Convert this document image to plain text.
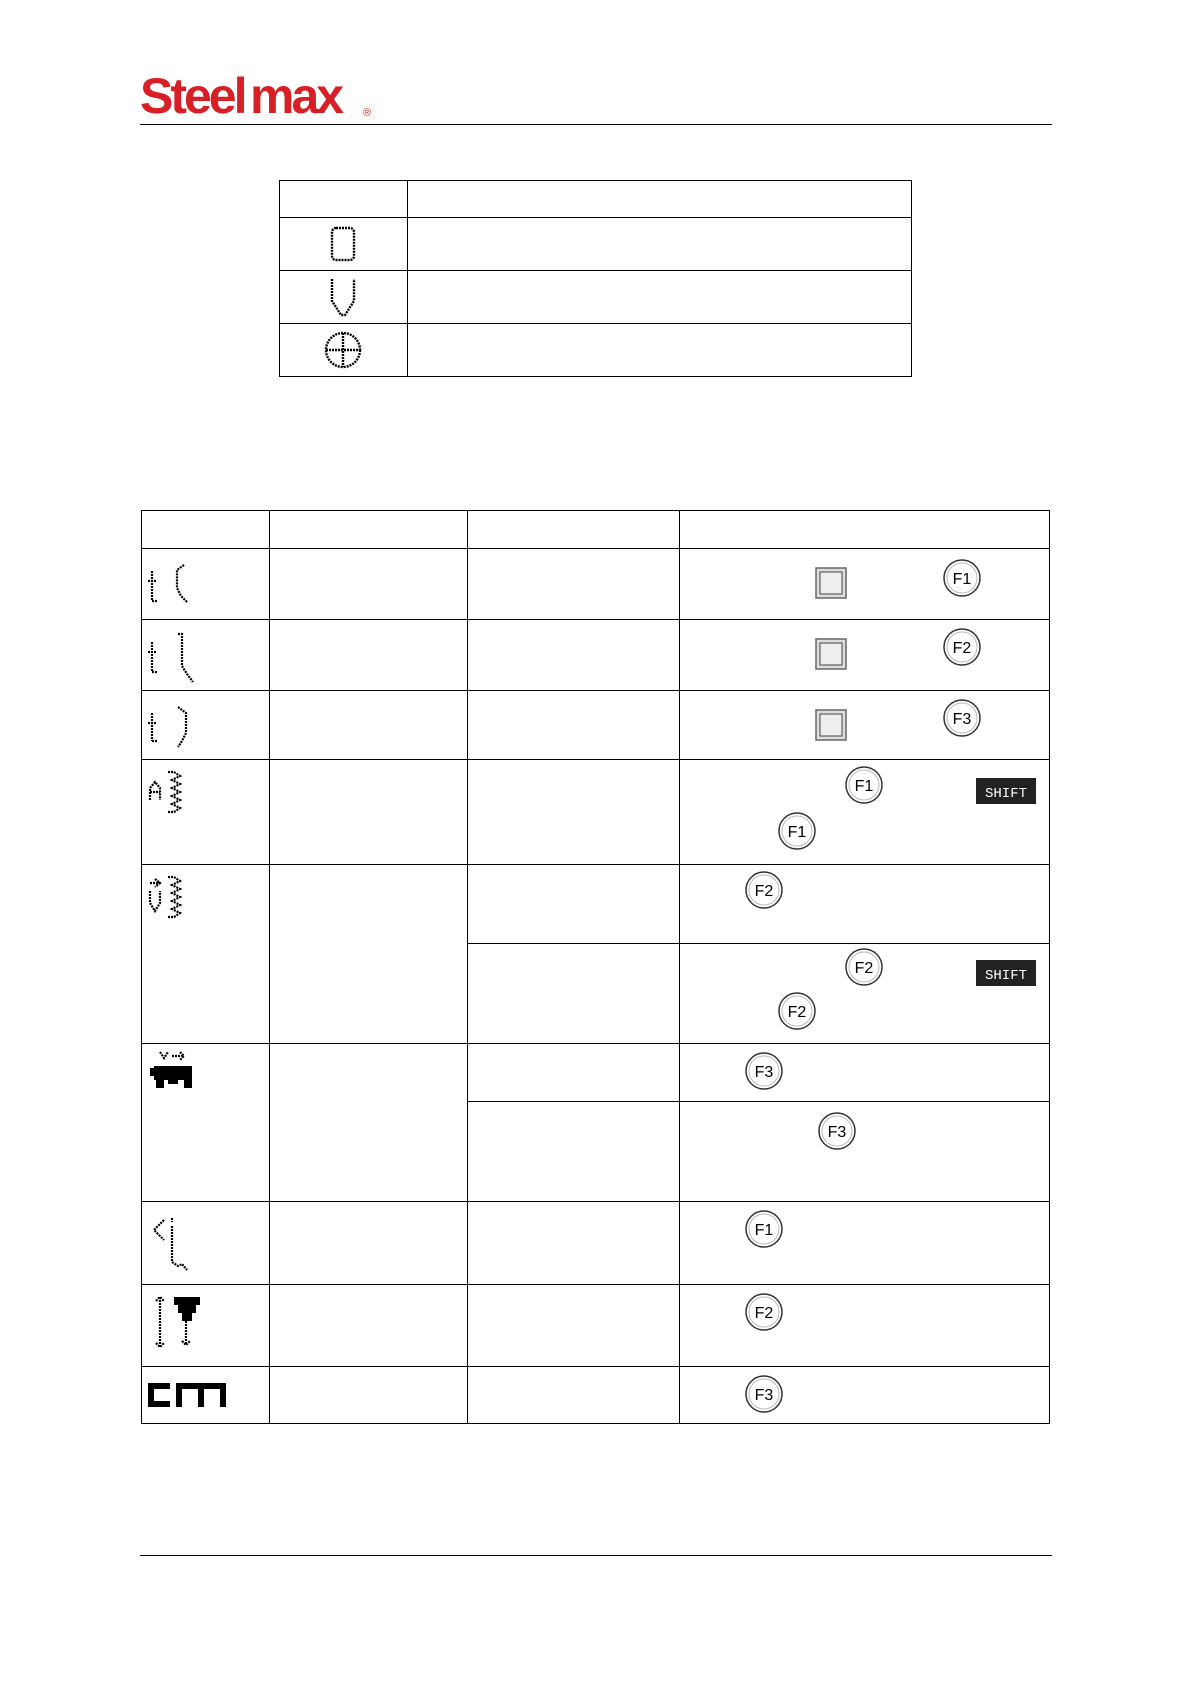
Steel max ®

F1

F2

F3

F1 SHIFT
F1

F2

F2 SHIFT
F2

F3

F3

F1

F2

F3
